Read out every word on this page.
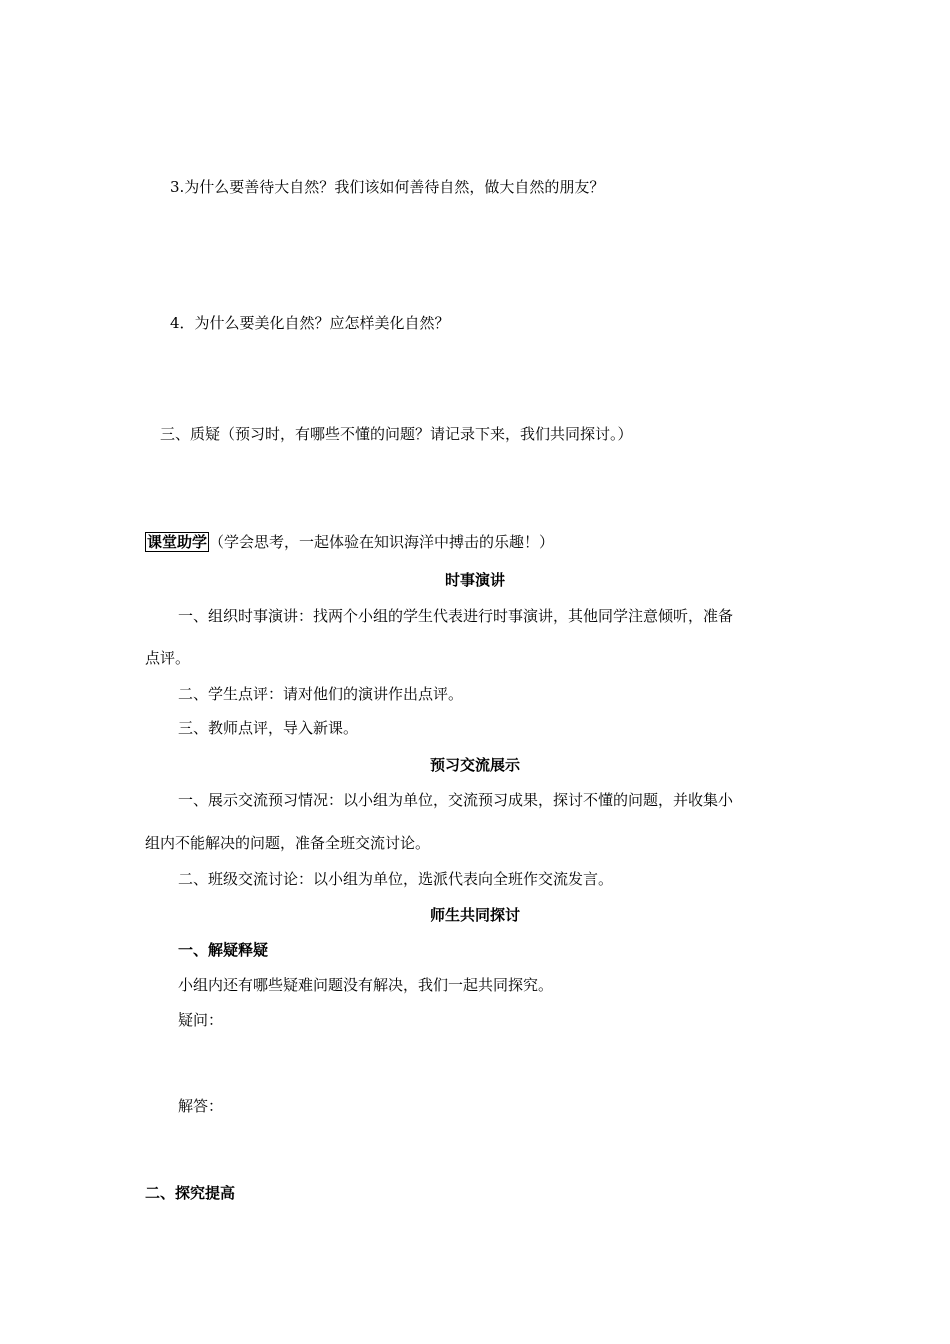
3.为什么要善待大自然？我们该如何善待自然，做大自然的朋友？
4．为什么要美化自然？应怎样美化自然？
三、质疑（预习时，有哪些不懂的问题？请记录下来，我们共同探讨。）
课堂助学 （学会思考，一起体验在知识海洋中搏击的乐趣！）
时事演讲
一、组织时事演讲：找两个小组的学生代表进行时事演讲，其他同学注意倾听，准备
点评。
二、学生点评：请对他们的演讲作出点评。
三、教师点评，导入新课。
预习交流展示
一、展示交流预习情况：以小组为单位，交流预习成果，探讨不懂的问题，并收集小
组内不能解决的问题，准备全班交流讨论。
二、班级交流讨论：以小组为单位，选派代表向全班作交流发言。
师生共同探讨
一、解疑释疑
小组内还有哪些疑难问题没有解决，我们一起共同探究。
疑问：
解答：
二、探究提高
